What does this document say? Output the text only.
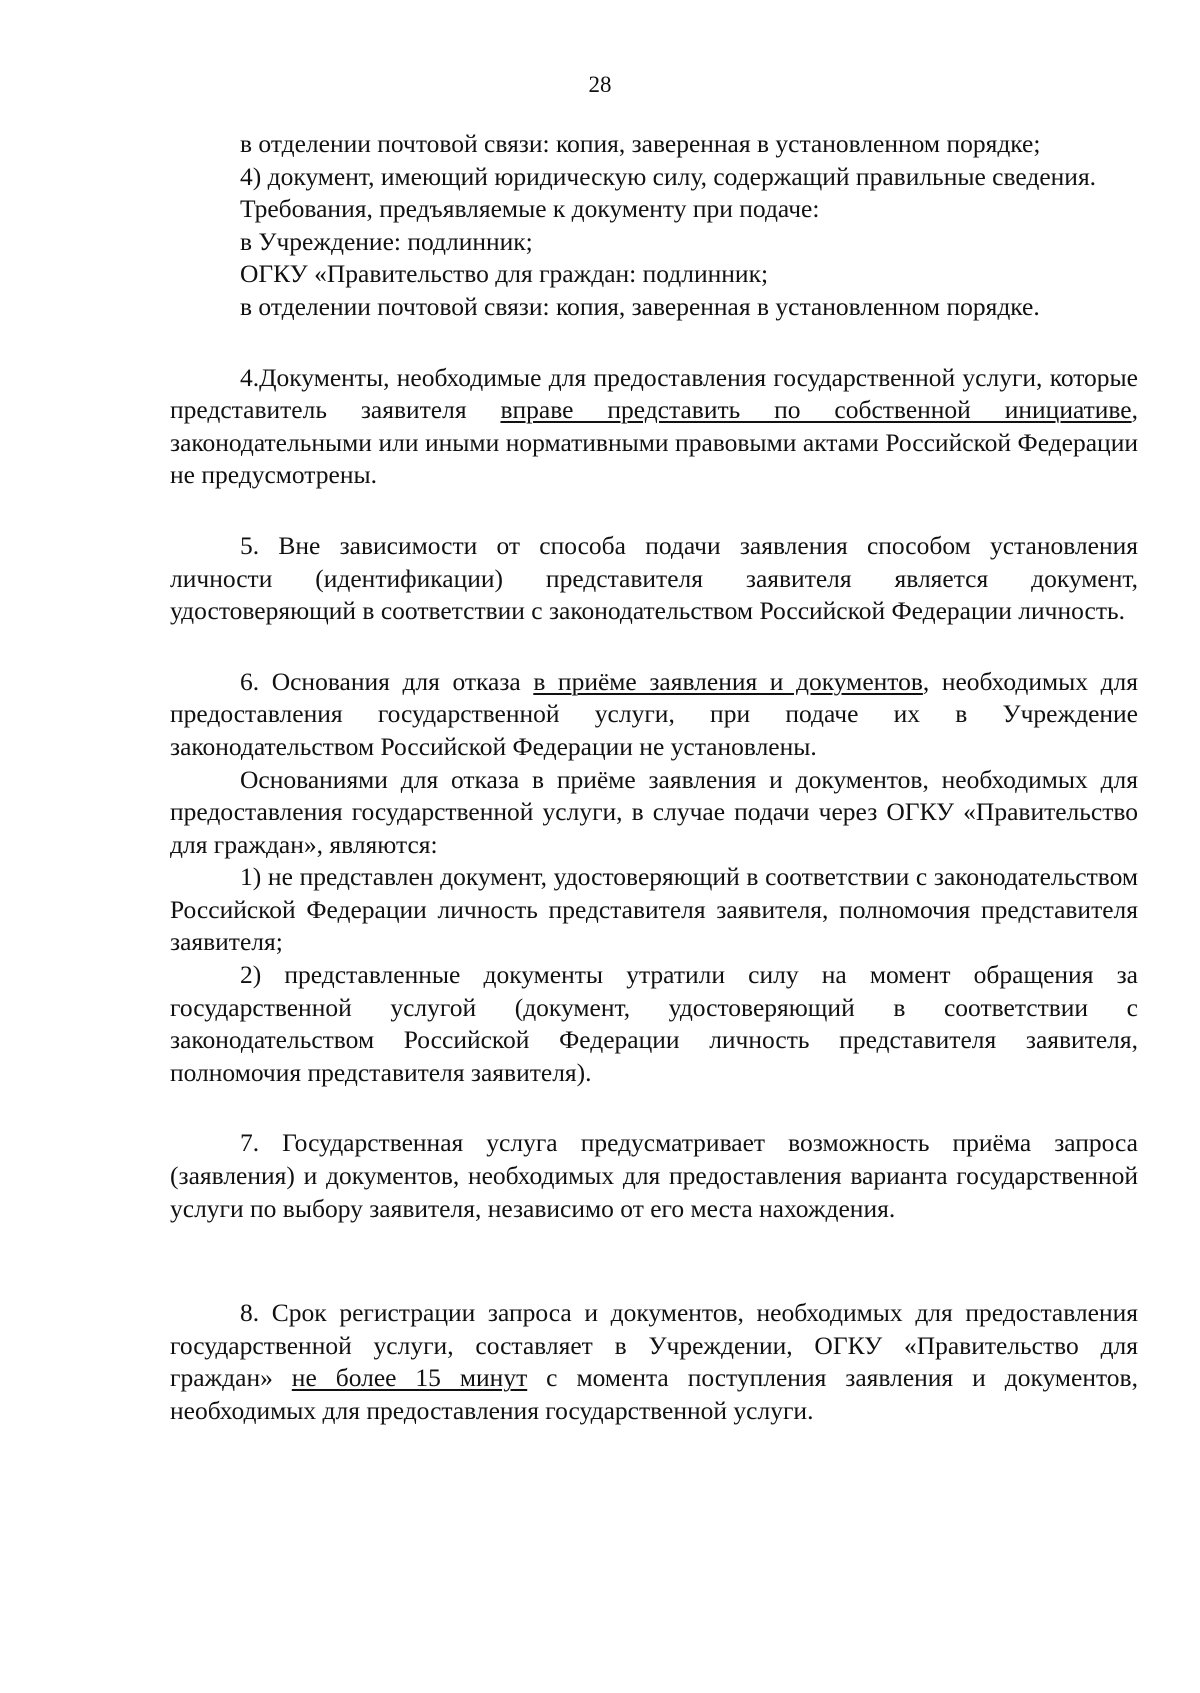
28

в отделении почтовой связи: копия, заверенная в установленном порядке;

4) документ, имеющий юридическую силу, содержащий правильные сведения.

Требования, предъявляемые к документу при подаче:

в Учреждение: подлинник;

ОГКУ «Правительство для граждан: подлинник;

в отделении почтовой связи: копия, заверенная в установленном порядке.

4.Документы, необходимые для предоставления государственной услуги, которые представитель заявителя вправе представить по собственной инициативе, законодательными или иными нормативными правовыми актами Российской Федерации не предусмотрены.

5. Вне зависимости от способа подачи заявления способом установления личности (идентификации) представителя заявителя является документ, удостоверяющий в соответствии с законодательством Российской Федерации личность.

6. Основания для отказа в приёме заявления и документов, необходимых для предоставления государственной услуги, при подаче их в Учреждение законодательством Российской Федерации не установлены.

Основаниями для отказа в приёме заявления и документов, необходимых для предоставления государственной услуги, в случае подачи через ОГКУ «Правительство для граждан», являются:

1) не представлен документ, удостоверяющий в соответствии с законодательством Российской Федерации личность представителя заявителя, полномочия представителя заявителя;

2) представленные документы утратили силу на момент обращения за государственной услугой (документ, удостоверяющий в соответствии с законодательством Российской Федерации личность представителя заявителя, полномочия представителя заявителя).

7. Государственная услуга предусматривает возможность приёма запроса (заявления) и документов, необходимых для предоставления варианта государственной услуги по выбору заявителя, независимо от его места нахождения.

8. Срок регистрации запроса и документов, необходимых для предоставления государственной услуги, составляет в Учреждении, ОГКУ «Правительство для граждан» не более 15 минут с момента поступления заявления и документов, необходимых для предоставления государственной услуги.
